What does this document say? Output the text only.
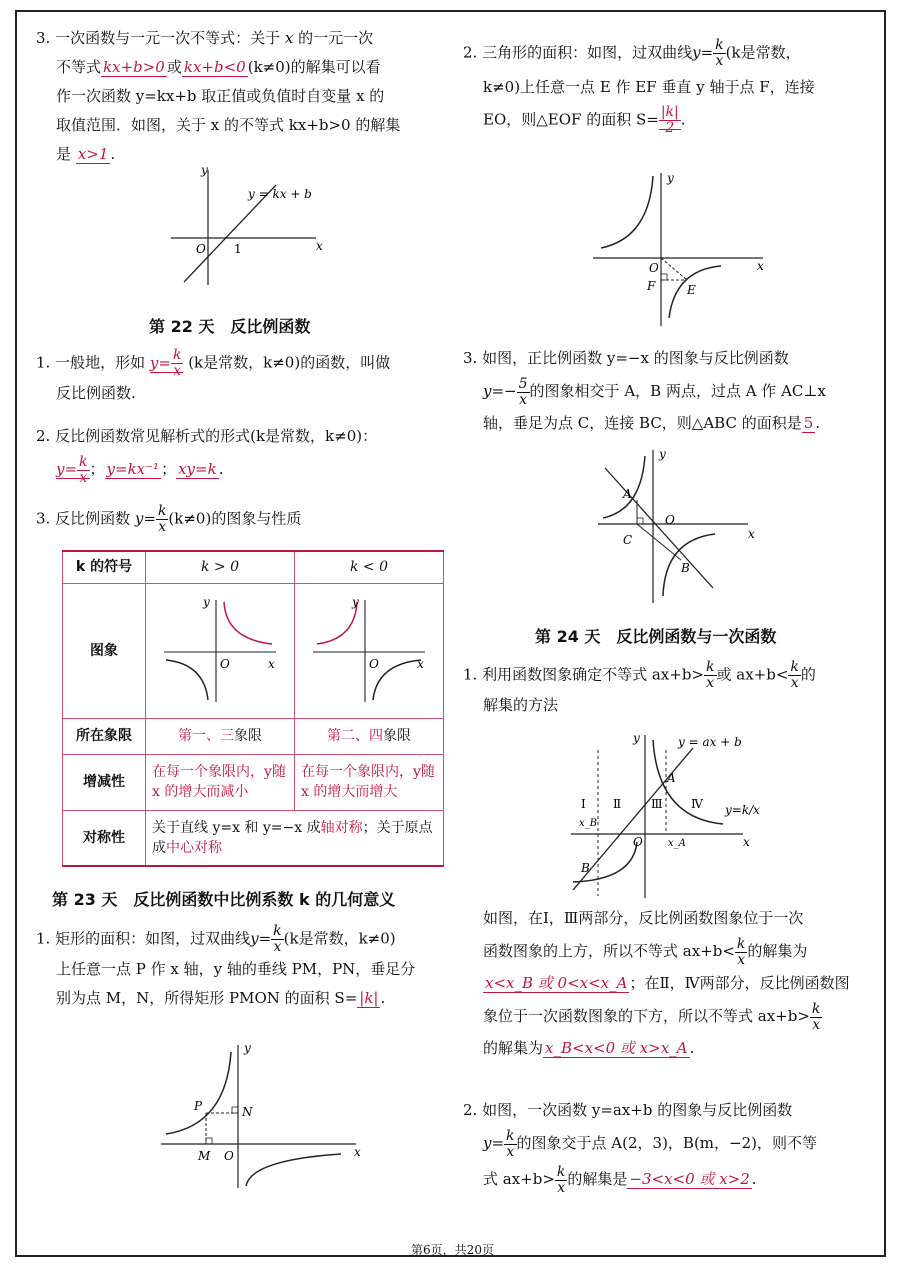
3. 一次函数与一元一次不等式：关于 x 的一元一次
不等式 kx+b>0 或 kx+b<0 (k≠0)的解集可以看
作一次函数 y=kx+b 取正值或负值时自变量 x 的
取值范围．如图，关于 x 的不等式 kx+b>0 的解集
是 x>1 .
y
x
O 1
y = kx + b
第 22 天　反比例函数
1. 一般地，形如 $y= \frac{k}{x} (k$是常数，k≠0)的函数，叫做
反比例函数.
2. 反比例函数常见解析式的形式(k是常数，k≠0)：
$y= \frac{k}{x}$ ； y=kx⁻¹ ； xy=k .
3. 反比例函数 $y= \frac{k}{x} (k\ne 0)$的图象与性质
k 的符号	k > 0	k < 0
图象	y
x
O	y
x
O

所在象限	第一、三象限	第二、四象限
增减性	在每一个象限内，y随 x 的增大而减小	在每一个象限内，y随 x 的增大而增大
对称性	关于直线 y=x 和 y=−x 成轴对称；关于原点成中心对称	
第 23 天　反比例函数中比例系数 k 的几何意义
1. 矩形的面积：如图，过双曲线$y= \frac{k}{x} (k$是常数，k≠0)
上任意一点 P 作 x 轴，y 轴的垂线 PM，PN，垂足分
别为点 M，N，所得矩形 PMON 的面积 S= |k| .
y
x
P	N
M O
2. 三角形的面积：如图，过双曲线$y= \frac{k}{x} (k$是常数，
k≠0)上任意一点 E 作 EF 垂直 y 轴于点 F，连接
EO，则△EOF 的面积 $S= \frac{|k|}{2}$ .
y
x
O
F	E
3. 如图，正比例函数 y=−x 的图象与反比例函数
$y=- \frac{5}{x}$ 的图象相交于 A，B 两点，过点 A 作 AC⊥x
轴，垂足为点 C，连接 BC，则△ABC 的面积是 5 .
y
x
A
O
C
B
第 24 天　反比例函数与一次函数
1. 利用函数图象确定不等式 $ax+b> \frac{k}{x}$ 或 $ax+b< \frac{k}{x}$ 的
解集的方法
y
x
y = ax + b
Ⅰ Ⅱ Ⅲ Ⅳ
A
B
O
x_B
x_A
y=k/x
如图，在Ⅰ，Ⅲ两部分，反比例函数图象位于一次
函数图象的上方，所以不等式 $ax+b< \frac{k}{x}$ 的解集为
x<x_B 或 0<x<x_A ；在Ⅱ，Ⅳ两部分，反比例函数图
象位于一次函数图象的下方，所以不等式 $ax+b> \frac{k}{x}$
的解集为 x_B<x<0 或 x>x_A .
2. 如图，一次函数 y=ax+b 的图象与反比例函数
$y= \frac{k}{x}$ 的图象交于点 A(2，3)，B(m，−2)，则不等
式 $ax+b> \frac{k}{x}$ 的解集是 −3<x<0 或 x>2 .
第6页，共20页
